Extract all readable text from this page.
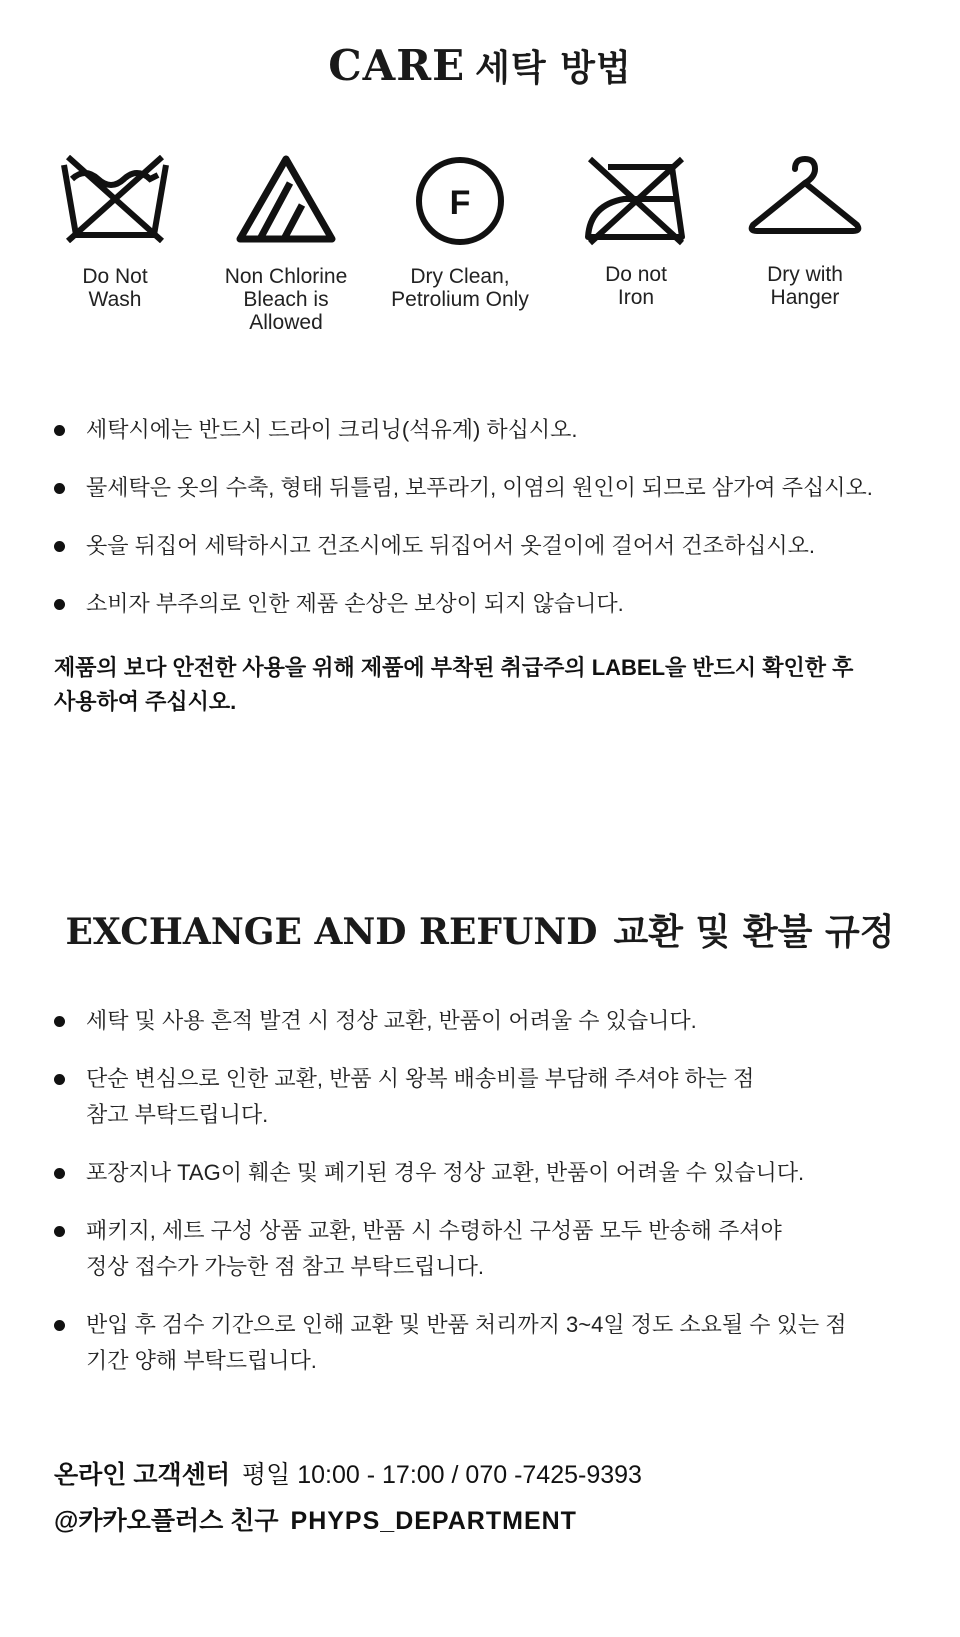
CARE 세탁 방법
Do Not
Wash
Non Chlorine
Bleach is
Allowed
F
Dry Clean,
Petrolium Only
Do not
Iron
Dry with
Hanger
세탁시에는 반드시 드라이 크리닝(석유계) 하십시오.
물세탁은 옷의 수축, 형태 뒤틀림, 보푸라기, 이염의 원인이 되므로 삼가여 주십시오.
옷을 뒤집어 세탁하시고 건조시에도 뒤집어서 옷걸이에 걸어서 건조하십시오.
소비자 부주의로 인한 제품 손상은 보상이 되지 않습니다.
제품의 보다 안전한 사용을 위해 제품에 부착된 취급주의 LABEL을 반드시 확인한 후
사용하여 주십시오.
EXCHANGE AND REFUND 교환 및 환불 규정
세탁 및 사용 흔적 발견 시 정상 교환, 반품이 어려울 수 있습니다.
단순 변심으로 인한 교환, 반품 시 왕복 배송비를 부담해 주셔야 하는 점
참고 부탁드립니다.
포장지나 TAG이 훼손 및 폐기된 경우 정상 교환, 반품이 어려울 수 있습니다.
패키지, 세트 구성 상품 교환, 반품 시 수령하신 구성품 모두 반송해 주셔야
정상 접수가 가능한 점 참고 부탁드립니다.
반입 후 검수 기간으로 인해 교환 및 반품 처리까지 3~4일 정도 소요될 수 있는 점
기간 양해 부탁드립니다.
온라인 고객센터 평일 10:00 - 17:00 / 070 -7425-9393
@카카오플러스 친구 PHYPS_DEPARTMENT
